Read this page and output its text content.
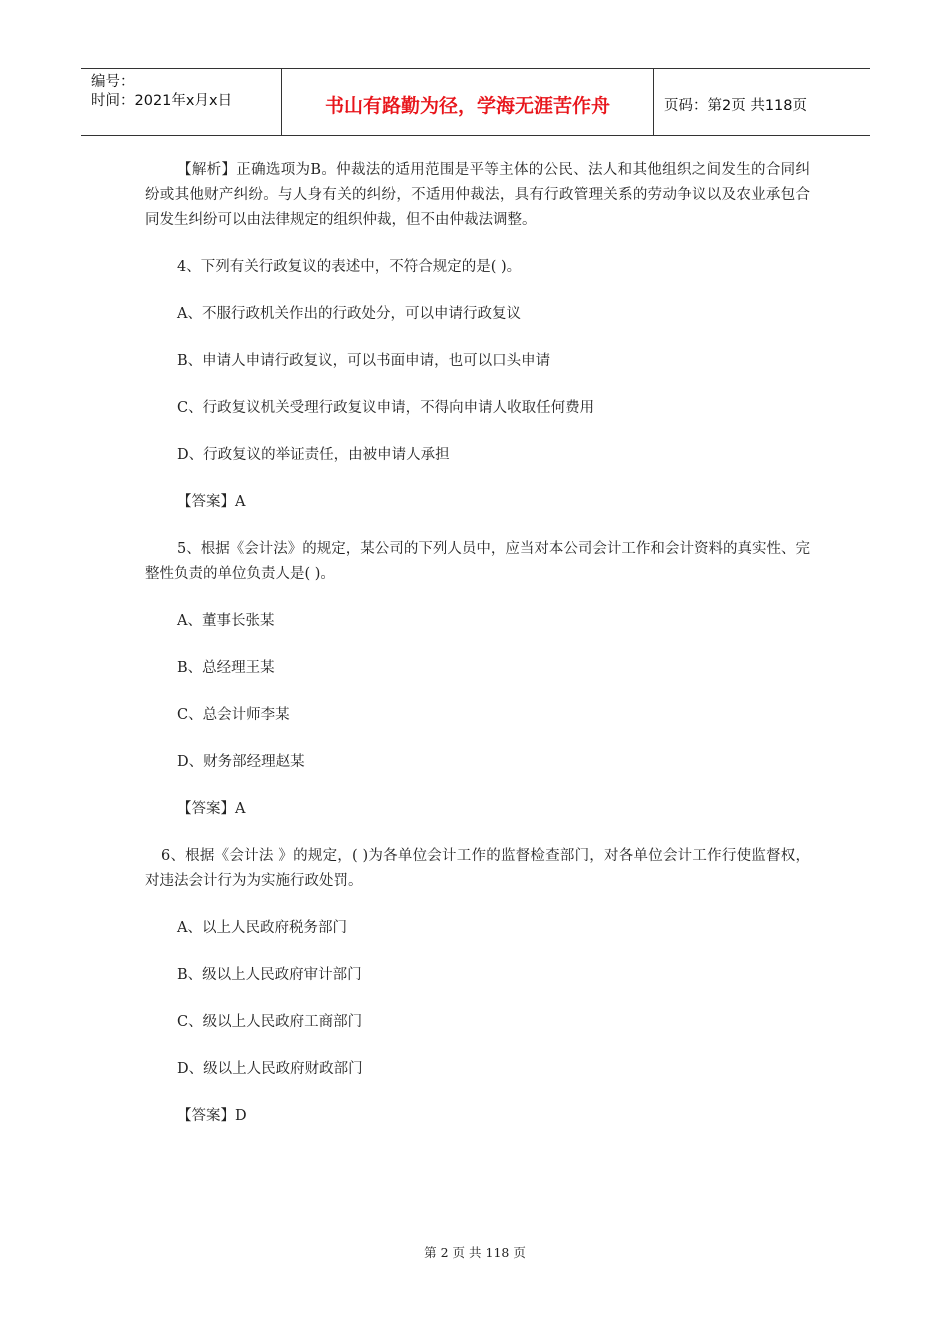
编号：
时间：2021年x月x日	书山有路勤为径，学海无涯苦作舟	页码：第2页 共118页

【解析】正确选项为B。仲裁法的适用范围是平等主体的公民、法人和其他组织之间发生的合同纠纷或其他财产纠纷。与人身有关的纠纷，不适用仲裁法，具有行政管理关系的劳动争议以及农业承包合同发生纠纷可以由法律规定的组织仲裁，但不由仲裁法调整。

4、下列有关行政复议的表述中，不符合规定的是( )。

A、不服行政机关作出的行政处分，可以申请行政复议

B、申请人申请行政复议，可以书面申请，也可以口头申请

C、行政复议机关受理行政复议申请，不得向申请人收取任何费用

D、行政复议的举证责任，由被申请人承担

【答案】A

5、根据《会计法》的规定，某公司的下列人员中，应当对本公司会计工作和会计资料的真实性、完整性负责的单位负责人是( )。

A、董事长张某

B、总经理王某

C、总会计师李某

D、财务部经理赵某

【答案】A

6、根据《会计法 》的规定，( )为各单位会计工作的监督检查部门，对各单位会计工作行使监督权，对违法会计行为为实施行政处罚。

A、以上人民政府税务部门

B、级以上人民政府审计部门

C、级以上人民政府工商部门

D、级以上人民政府财政部门

【答案】D

第 2 页 共 118 页
